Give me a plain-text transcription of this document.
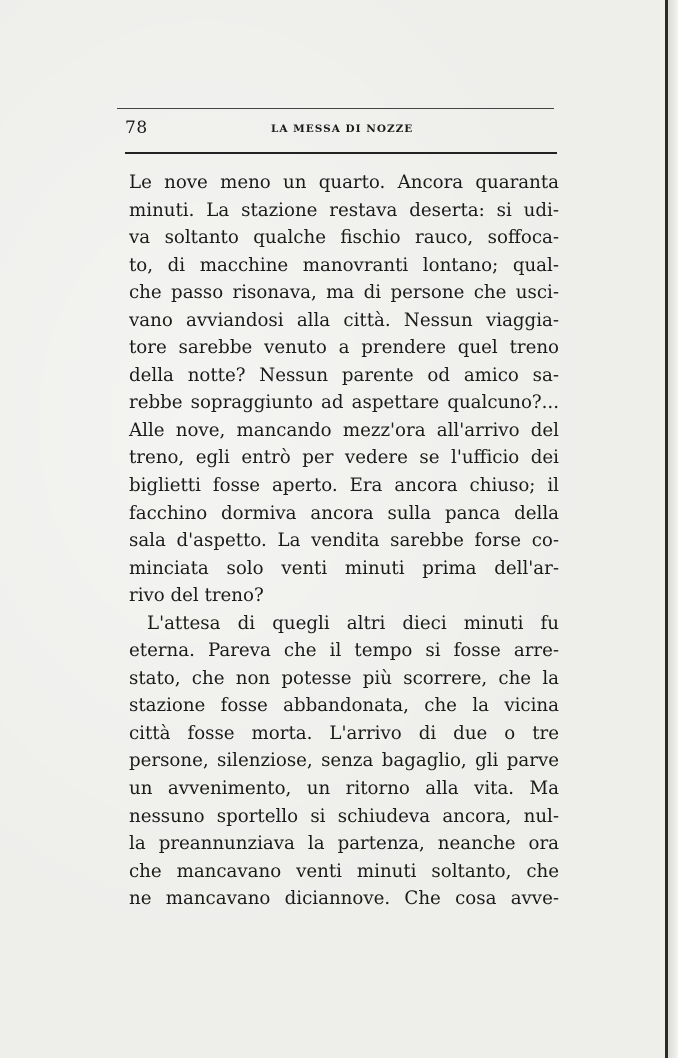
78	LA MESSA DI NOZZE
Le nove meno un quarto. Ancora quaranta
minuti. La stazione restava deserta: si udi-
va soltanto qualche fischio rauco, soffoca-
to, di macchine manovranti lontano; qual-
che passo risonava, ma di persone che usci-
vano avviandosi alla città. Nessun viaggia-
tore sarebbe venuto a prendere quel treno
della notte? Nessun parente od amico sa-
rebbe sopraggiunto ad aspettare qualcuno?...
Alle nove, mancando mezz'ora all'arrivo del
treno, egli entrò per vedere se l'ufficio dei
biglietti fosse aperto. Era ancora chiuso; il
facchino dormiva ancora sulla panca della
sala d'aspetto. La vendita sarebbe forse co-
minciata solo venti minuti prima dell'ar-
rivo del treno?
L'attesa di quegli altri dieci minuti fu
eterna. Pareva che il tempo si fosse arre-
stato, che non potesse più scorrere, che la
stazione fosse abbandonata, che la vicina
città fosse morta. L'arrivo di due o tre
persone, silenziose, senza bagaglio, gli parve
un avvenimento, un ritorno alla vita. Ma
nessuno sportello si schiudeva ancora, nul-
la preannunziava la partenza, neanche ora
che mancavano venti minuti soltanto, che
ne mancavano diciannove. Che cosa avve-
